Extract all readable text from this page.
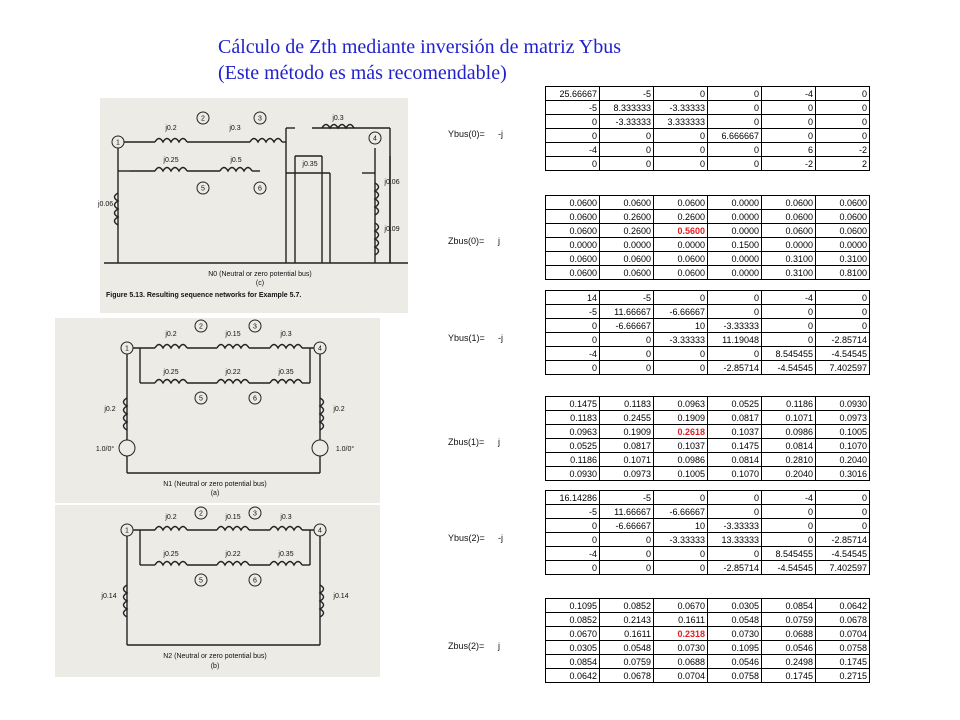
Cálculo de Zth mediante inversión de matriz Ybus
(Este método es más recomendable)
1
2	3
4
5	6
j0.2	j0.3
j0.3
j0.25	j0.5
j0.35
j0.06
j0.09
j0.06
N0 (Neutral or zero potential bus)
(c)
Figure 5.13. Resulting sequence networks for Example 5.7.
1
2	3
4
5	6
j0.2	j0.15	j0.3
j0.25	j0.22	j0.35
j0.2	j0.2
1.0/0°	1.0/0°
N1 (Neutral or zero potential bus)
(a)
1
2	3
4
5	6
j0.2	j0.15	j0.3
j0.25	j0.22	j0.35
j0.14	j0.14
N2 (Neutral or zero potential bus)
(b)
Ybus(0)= -j
Zbus(0)= j
Ybus(1)= -j
Zbus(1)= j
Ybus(2)= -j
Zbus(2)= j
25.66667	-5	0	0	-4	0
-5	8.333333	-3.33333	0	0	0
0	-3.33333	3.333333	0	0	0
0	0	0	6.666667	0	0
-4	0	0	0	6	-2
0	0	0	0	-2	2
0.0600	0.0600	0.0600	0.0000	0.0600	0.0600
0.0600	0.2600	0.2600	0.0000	0.0600	0.0600
0.0600	0.2600	0.5600	0.0000	0.0600	0.0600
0.0000	0.0000	0.0000	0.1500	0.0000	0.0000
0.0600	0.0600	0.0600	0.0000	0.3100	0.3100
0.0600	0.0600	0.0600	0.0000	0.3100	0.8100
14	-5	0	0	-4	0
-5	11.66667	-6.66667	0	0	0
0	-6.66667	10	-3.33333	0	0
0	0	-3.33333	11.19048	0	-2.85714
-4	0	0	0	8.545455	-4.54545
0	0	0	-2.85714	-4.54545	7.402597
0.1475	0.1183	0.0963	0.0525	0.1186	0.0930
0.1183	0.2455	0.1909	0.0817	0.1071	0.0973
0.0963	0.1909	0.2618	0.1037	0.0986	0.1005
0.0525	0.0817	0.1037	0.1475	0.0814	0.1070
0.1186	0.1071	0.0986	0.0814	0.2810	0.2040
0.0930	0.0973	0.1005	0.1070	0.2040	0.3016
16.14286	-5	0	0	-4	0
-5	11.66667	-6.66667	0	0	0
0	-6.66667	10	-3.33333	0	0
0	0	-3.33333	13.33333	0	-2.85714
-4	0	0	0	8.545455	-4.54545
0	0	0	-2.85714	-4.54545	7.402597
0.1095	0.0852	0.0670	0.0305	0.0854	0.0642
0.0852	0.2143	0.1611	0.0548	0.0759	0.0678
0.0670	0.1611	0.2318	0.0730	0.0688	0.0704
0.0305	0.0548	0.0730	0.1095	0.0546	0.0758
0.0854	0.0759	0.0688	0.0546	0.2498	0.1745
0.0642	0.0678	0.0704	0.0758	0.1745	0.2715
